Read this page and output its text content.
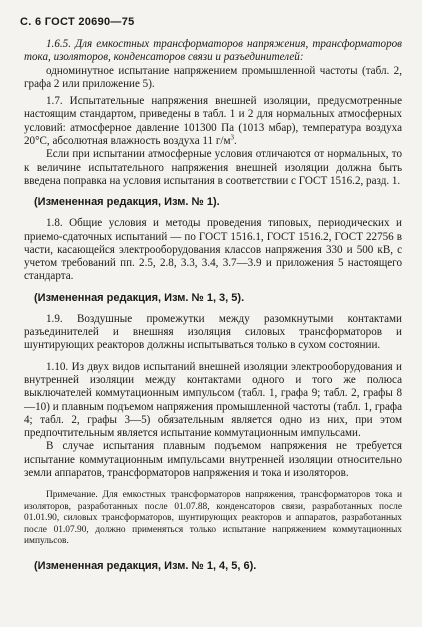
С. 6 ГОСТ 20690—75

1.6.5. Для емкостных трансформаторов напряжения, трансформаторов тока, изоляторов, конденсаторов связи и разъединителей:

одноминутное испытание напряжением промышленной частоты (табл. 2, графа 2 или приложение 5).

1.7. Испытательные напряжения внешней изоляции, предусмотренные настоящим стандартом, приведены в табл. 1 и 2 для нормальных атмосферных условий: атмосферное давление 101300 Па (1013 мбар), температура воздуха 20°С, абсолютная влажность воздуха 11 $г/м^3$.

Если при испытании атмосферные условия отличаются от нормальных, то к величине испытательного напряжения внешней изоляции должна быть введена поправка на условия испытания в соответствии с ГОСТ 1516.2, разд. 1.

(Измененная редакция, Изм. № 1).

1.8. Общие условия и методы проведения типовых, периодических и приемо-сдаточных испытаний — по ГОСТ 1516.1, ГОСТ 1516.2, ГОСТ 22756 в части, касающейся электрооборудования классов напряжения 330 и 500 кВ, с учетом требований пп. 2.5, 2.8, 3.3, 3.4, 3.7—3.9 и приложения 5 настоящего стандарта.

(Измененная редакция, Изм. № 1, 3, 5).

1.9. Воздушные промежутки между разомкнутыми контактами разъединителей и внешняя изоляция силовых трансформаторов и шунтирующих реакторов должны испытываться только в сухом состоянии.

1.10. Из двух видов испытаний внешней изоляции электрооборудования и внутренней изоляции между контактами одного и того же полюса выключателей коммутационным импульсом (табл. 1, графа 9; табл. 2, графы 8—10) и плавным подъемом напряжения промышленной частоты (табл. 1, графа 4; табл. 2, графы 3—5) обязательным является одно из них, при этом предпочтительным является испытание коммутационным импульсами.

В случае испытания плавным подъемом напряжения не требуется испытание коммутационным импульсами внутренней изоляции относительно земли аппаратов, трансформаторов напряжения и тока и изоляторов.

Примечание. Для емкостных трансформаторов напряжения, трансформаторов тока и изоляторов, разработанных после 01.07.88, конденсаторов связи, разработанных после 01.01.90, силовых трансформаторов, шунтирующих реакторов и аппаратов, разработанных после 01.07.90, должно применяться только испытание напряжением коммутационных импульсов.

(Измененная редакция, Изм. № 1, 4, 5, 6).
